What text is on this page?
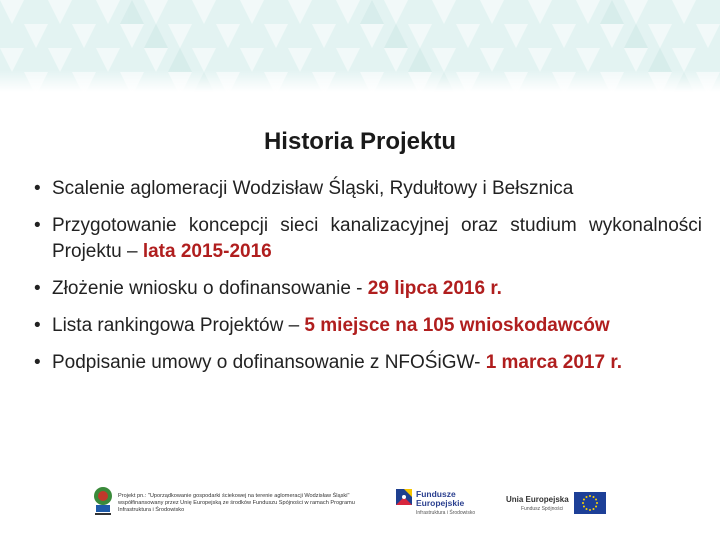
Historia Projektu
• Scalenie aglomeracji Wodzisław Śląski, Rydułtowy i Bełsznica
• Przygotowanie koncepcji sieci kanalizacyjnej oraz studium wykonalności Projektu – lata 2015-2016
• Złożenie wniosku o dofinansowanie - 29 lipca 2016 r.
• Lista rankingowa Projektów – 5 miejsce na 105 wnioskodawców
• Podpisanie umowy o dofinansowanie z NFOŚiGW- 1 marca 2017 r.
Projekt pn.: "Uporządkowanie gospodarki ściekowej na terenie aglomeracji Wodzisław Śląski" współfinansowany przez Unię Europejską ze środków Funduszu Spójności w ramach Programu Infrastruktura i Środowisko
Fundusze
Europejskie
Infrastruktura i Środowisko
Unia Europejska
Fundusz Spójności
